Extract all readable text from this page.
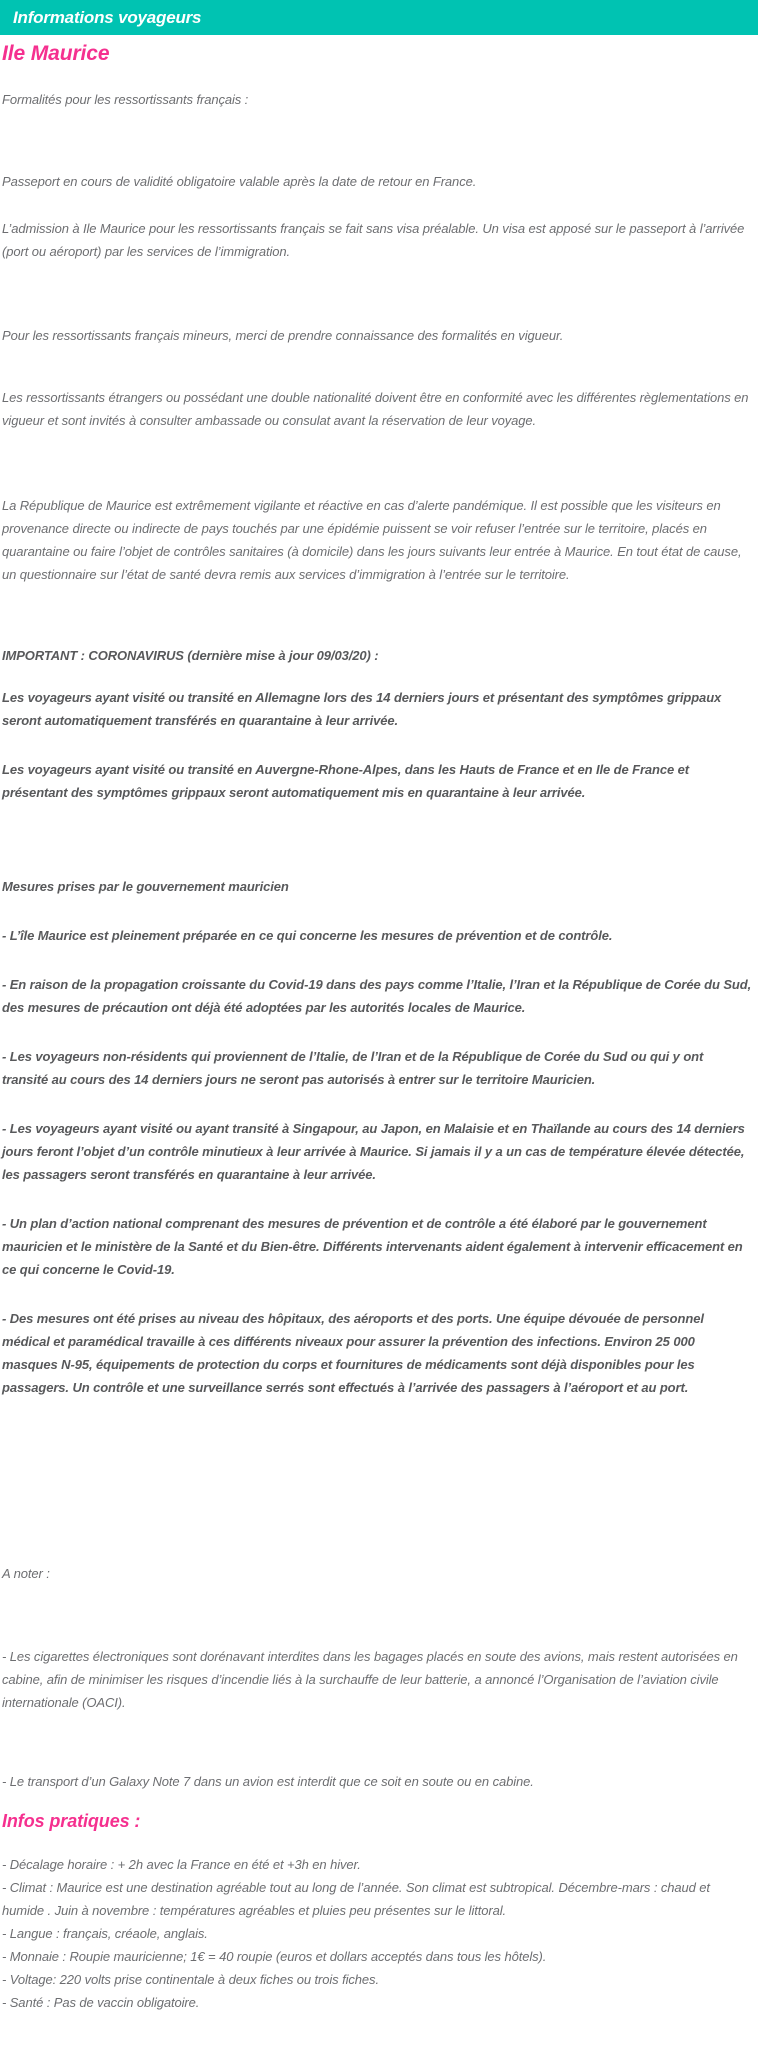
Informations voyageurs
Ile Maurice

Formalités pour les ressortissants français :

Passeport en cours de validité obligatoire valable après la date de retour en France.

L’admission à Ile Maurice pour les ressortissants français se fait sans visa préalable. Un visa est apposé sur le passeport à l’arrivée (port ou aéroport) par les services de l’immigration.

Pour les ressortissants français mineurs, merci de prendre connaissance des formalités en vigueur.

Les ressortissants étrangers ou possédant une double nationalité doivent être en conformité avec les différentes règlementations en vigueur et sont invités à consulter ambassade ou consulat avant la réservation de leur voyage.

La République de Maurice est extrêmement vigilante et réactive en cas d’alerte pandémique. Il est possible que les visiteurs en provenance directe ou indirecte de pays touchés par une épidémie puissent se voir refuser l’entrée sur le territoire, placés en quarantaine ou faire l’objet de contrôles sanitaires (à domicile) dans les jours suivants leur entrée à Maurice. En tout état de cause, un questionnaire sur l’état de santé devra remis aux services d’immigration à l’entrée sur le territoire.

IMPORTANT : CORONAVIRUS (dernière mise à jour 09/03/20) :

Les voyageurs ayant visité ou transité en Allemagne lors des 14 derniers jours et présentant des symptômes grippaux seront automatiquement transférés en quarantaine à leur arrivée.

Les voyageurs ayant visité ou transité en Auvergne-Rhone-Alpes, dans les Hauts de France et en Ile de France et présentant des symptômes grippaux seront automatiquement mis en quarantaine à leur arrivée.

Mesures prises par le gouvernement mauricien

- L’île Maurice est pleinement préparée en ce qui concerne les mesures de prévention et de contrôle.

- En raison de la propagation croissante du Covid-19 dans des pays comme l’Italie, l’Iran et la République de Corée du Sud, des mesures de précaution ont déjà été adoptées par les autorités locales de Maurice.

- Les voyageurs non-résidents qui proviennent de l’Italie, de l’Iran et de la République de Corée du Sud ou qui y ont transité au cours des 14 derniers jours ne seront pas autorisés à entrer sur le territoire Mauricien.

- Les voyageurs ayant visité ou ayant transité à Singapour, au Japon, en Malaisie et en Thaïlande au cours des 14 derniers jours feront l’objet d’un contrôle minutieux à leur arrivée à Maurice. Si jamais il y a un cas de température élevée détectée, les passagers seront transférés en quarantaine à leur arrivée.

- Un plan d’action national comprenant des mesures de prévention et de contrôle a été élaboré par le gouvernement mauricien et le ministère de la Santé et du Bien-être. Différents intervenants aident également à intervenir efficacement en ce qui concerne le Covid-19.

- Des mesures ont été prises au niveau des hôpitaux, des aéroports et des ports. Une équipe dévouée de personnel médical et paramédical travaille à ces différents niveaux pour assurer la prévention des infections. Environ 25 000 masques N-95, équipements de protection du corps et fournitures de médicaments sont déjà disponibles pour les passagers. Un contrôle et une surveillance serrés sont effectués à l’arrivée des passagers à l’aéroport et au port.

A noter :

- Les cigarettes électroniques sont dorénavant interdites dans les bagages placés en soute des avions, mais restent autorisées en cabine, afin de minimiser les risques d’incendie liés à la surchauffe de leur batterie, a annoncé l’Organisation de l’aviation civile internationale (OACI).

- Le transport d’un Galaxy Note 7 dans un avion est interdit que ce soit en soute ou en cabine.

Infos pratiques :

- Décalage horaire : + 2h avec la France en été et +3h en hiver.

- Climat : Maurice est une destination agréable tout au long de l’année. Son climat est subtropical. Décembre-mars : chaud et humide . Juin à novembre : températures agréables et pluies peu présentes sur le littoral.

- Langue : français, créaole, anglais.

- Monnaie : Roupie mauricienne; 1€ = 40 roupie (euros et dollars acceptés dans tous les hôtels).

- Voltage: 220 volts prise continentale à deux fiches ou trois fiches.

- Santé : Pas de vaccin obligatoire.
